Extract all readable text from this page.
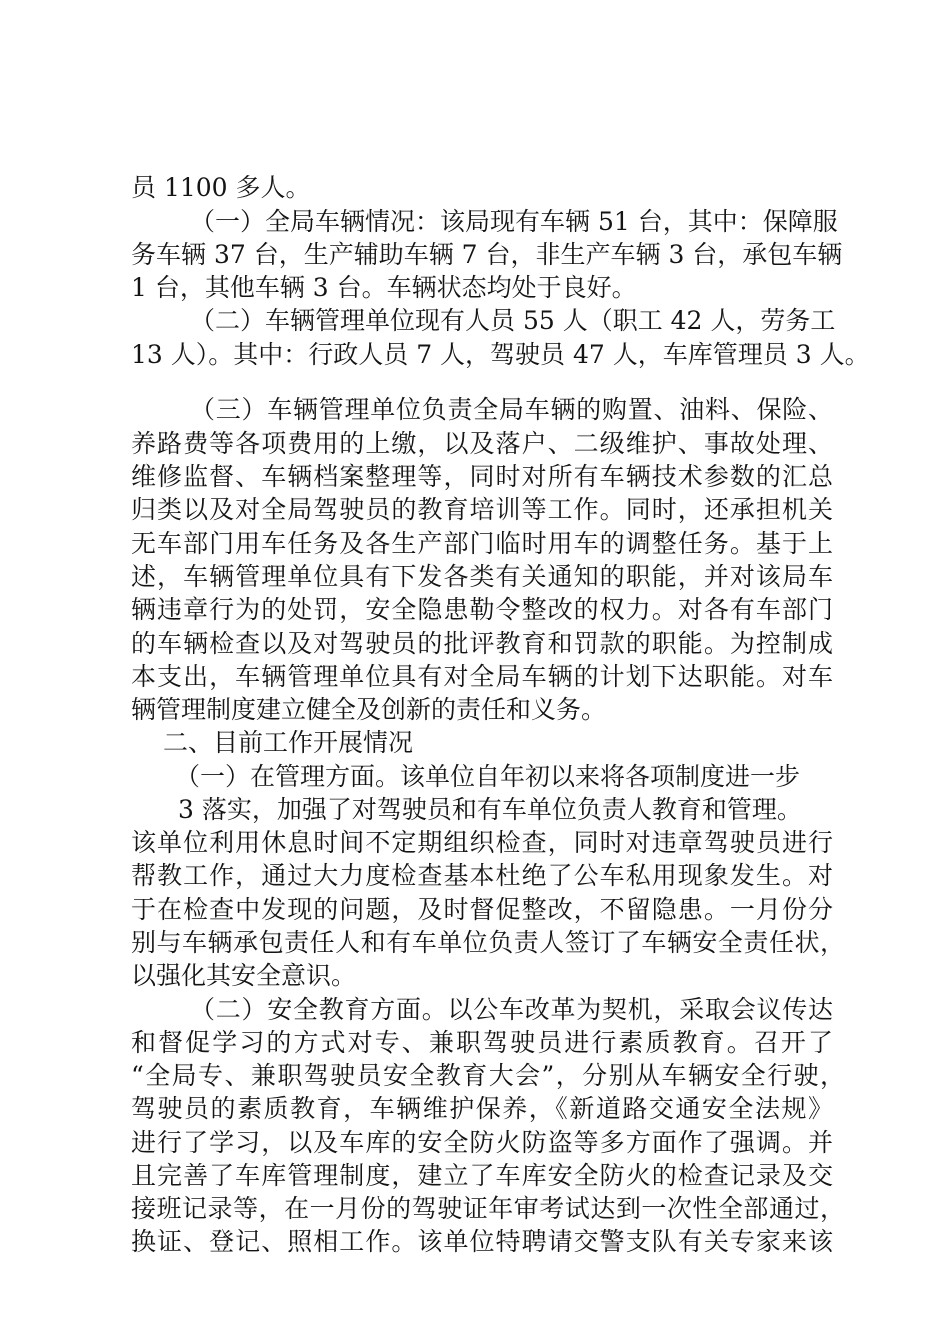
员 1100 多人。
（一）全局车辆情况：该局现有车辆 51 台，其中：保障服
务车辆 37 台，生产辅助车辆 7 台，非生产车辆 3 台，承包车辆
1 台，其他车辆 3 台。车辆状态均处于良好。
（二）车辆管理单位现有人员 55 人（职工 42 人，劳务工
13 人）。其中：行政人员 7 人，驾驶员 47 人，车库管理员 3 人。
（三）车辆管理单位负责全局车辆的购置、油料、保险、
养路费等各项费用的上缴，以及落户、二级维护、事故处理、
维修监督、车辆档案整理等，同时对所有车辆技术参数的汇总
归类以及对全局驾驶员的教育培训等工作。同时，还承担机关
无车部门用车任务及各生产部门临时用车的调整任务。基于上
述，车辆管理单位具有下发各类有关通知的职能，并对该局车
辆违章行为的处罚，安全隐患勒令整改的权力。对各有车部门
的车辆检查以及对驾驶员的批评教育和罚款的职能。为控制成
本支出，车辆管理单位具有对全局车辆的计划下达职能。对车
辆管理制度建立健全及创新的责任和义务。
二、目前工作开展情况
（一）在管理方面。该单位自年初以来将各项制度进一步
3 落实，加强了对驾驶员和有车单位负责人教育和管理。
该单位利用休息时间不定期组织检查，同时对违章驾驶员进行
帮教工作，通过大力度检查基本杜绝了公车私用现象发生。对
于在检查中发现的问题，及时督促整改，不留隐患。一月份分
别与车辆承包责任人和有车单位负责人签订了车辆安全责任状，
以强化其安全意识。
（二）安全教育方面。以公车改革为契机，采取会议传达
和督促学习的方式对专、兼职驾驶员进行素质教育。召开了
“全局专、兼职驾驶员安全教育大会”，分别从车辆安全行驶，
驾驶员的素质教育，车辆维护保养，《新道路交通安全法规》
进行了学习，以及车库的安全防火防盗等多方面作了强调。并
且完善了车库管理制度，建立了车库安全防火的检查记录及交
接班记录等，在一月份的驾驶证年审考试达到一次性全部通过，
换证、登记、照相工作。该单位特聘请交警支队有关专家来该
